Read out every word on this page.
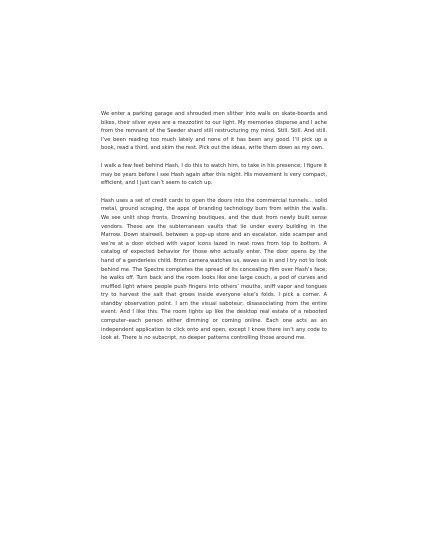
We enter a parking garage and shrouded men slither into walls on skate-boards and bikes, their silver eyes are a mezzotint to our light. My memories disperse and I ache from the remnant of the Seeder shard still restructuring my mind. Still. Still. And still. I’ve been reading too much lately and none of it has been any good. I’ll pick up a book, read a third, and skim the rest. Pick out the ideas, write them down as my own.

I walk a few feet behind Hash, I do this to watch him, to take in his presence; I figure it may be years before I see Hash again after this night. His movement is very compact, efficient, and I just can’t seem to catch up.

Hash uses a set of credit cards to open the doors into the commercial tunnels... solid metal, ground scraping, the apps of branding technology burn from within the walls. We see unlit shop fronts, Drowning boutiques, and the dust from newly built sense vendors. These are the subterranean vaults that lie under every building in the Marrow. Down stairwell, between a pop-up store and an escalator, side scamper and we’re at a door etched with vapor icons lazed in neat rows from top to bottom. A catalog of expected behavior for those who actually enter. The door opens by the hand of a genderless child. 8mm camera watches us, waves us in and I try not to look behind me. The Spectre completes the spread of its concealing film over Hash’s face; he walks off. Turn back and the room looks like one large couch, a pod of curves and muffled light where people push fingers into others’ mouths, sniff vapor and tongues try to harvest the salt that grows inside everyone else’s folds. I pick a corner. A standby observation point. I am the visual saboteur, disassociating from the entire event. And I like this. The room lights up like the desktop real estate of a rebooted computer–each person either dimming or coming online. Each one acts as an independent application to click onto and open, except I know there isn’t any code to look at. There is no subscript, no deeper patterns controlling those around me.
